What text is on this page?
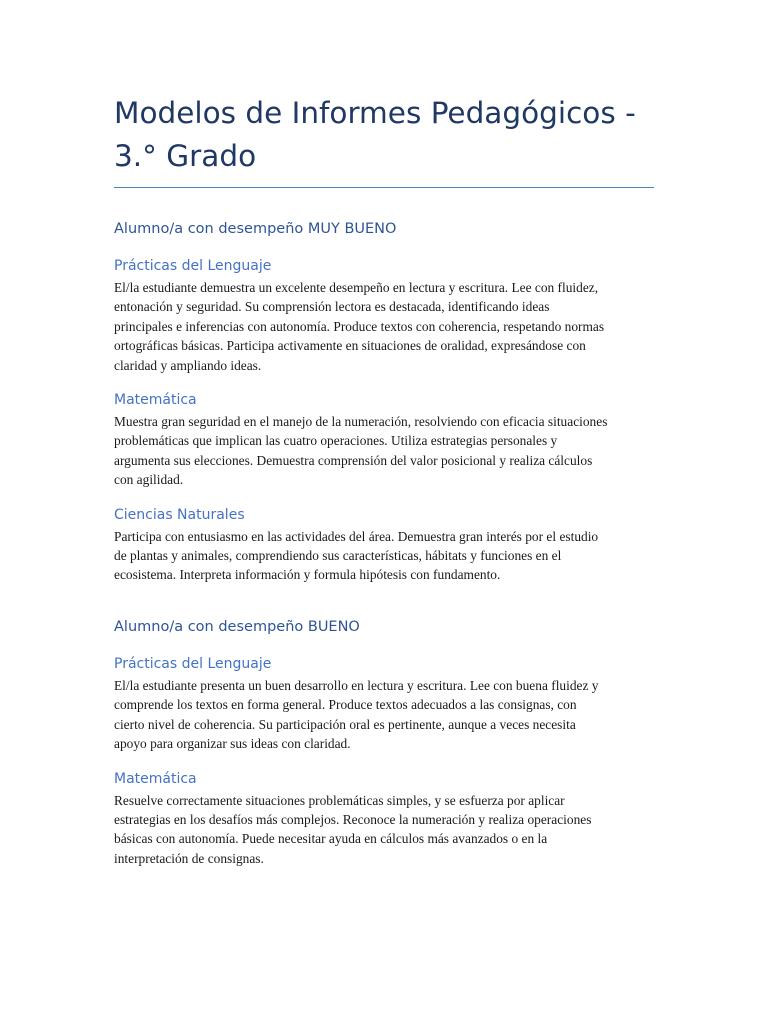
Modelos de Informes Pedagógicos - 3.° Grado
Alumno/a con desempeño MUY BUENO
Prácticas del Lenguaje
El/la estudiante demuestra un excelente desempeño en lectura y escritura. Lee con fluidez,
entonación y seguridad. Su comprensión lectora es destacada, identificando ideas
principales e inferencias con autonomía. Produce textos con coherencia, respetando normas
ortográficas básicas. Participa activamente en situaciones de oralidad, expresándose con
claridad y ampliando ideas.
Matemática
Muestra gran seguridad en el manejo de la numeración, resolviendo con eficacia situaciones
problemáticas que implican las cuatro operaciones. Utiliza estrategias personales y
argumenta sus elecciones. Demuestra comprensión del valor posicional y realiza cálculos
con agilidad.
Ciencias Naturales
Participa con entusiasmo en las actividades del área. Demuestra gran interés por el estudio
de plantas y animales, comprendiendo sus características, hábitats y funciones en el
ecosistema. Interpreta información y formula hipótesis con fundamento.
Alumno/a con desempeño BUENO
Prácticas del Lenguaje
El/la estudiante presenta un buen desarrollo en lectura y escritura. Lee con buena fluidez y
comprende los textos en forma general. Produce textos adecuados a las consignas, con
cierto nivel de coherencia. Su participación oral es pertinente, aunque a veces necesita
apoyo para organizar sus ideas con claridad.
Matemática
Resuelve correctamente situaciones problemáticas simples, y se esfuerza por aplicar
estrategias en los desafíos más complejos. Reconoce la numeración y realiza operaciones
básicas con autonomía. Puede necesitar ayuda en cálculos más avanzados o en la
interpretación de consignas.
